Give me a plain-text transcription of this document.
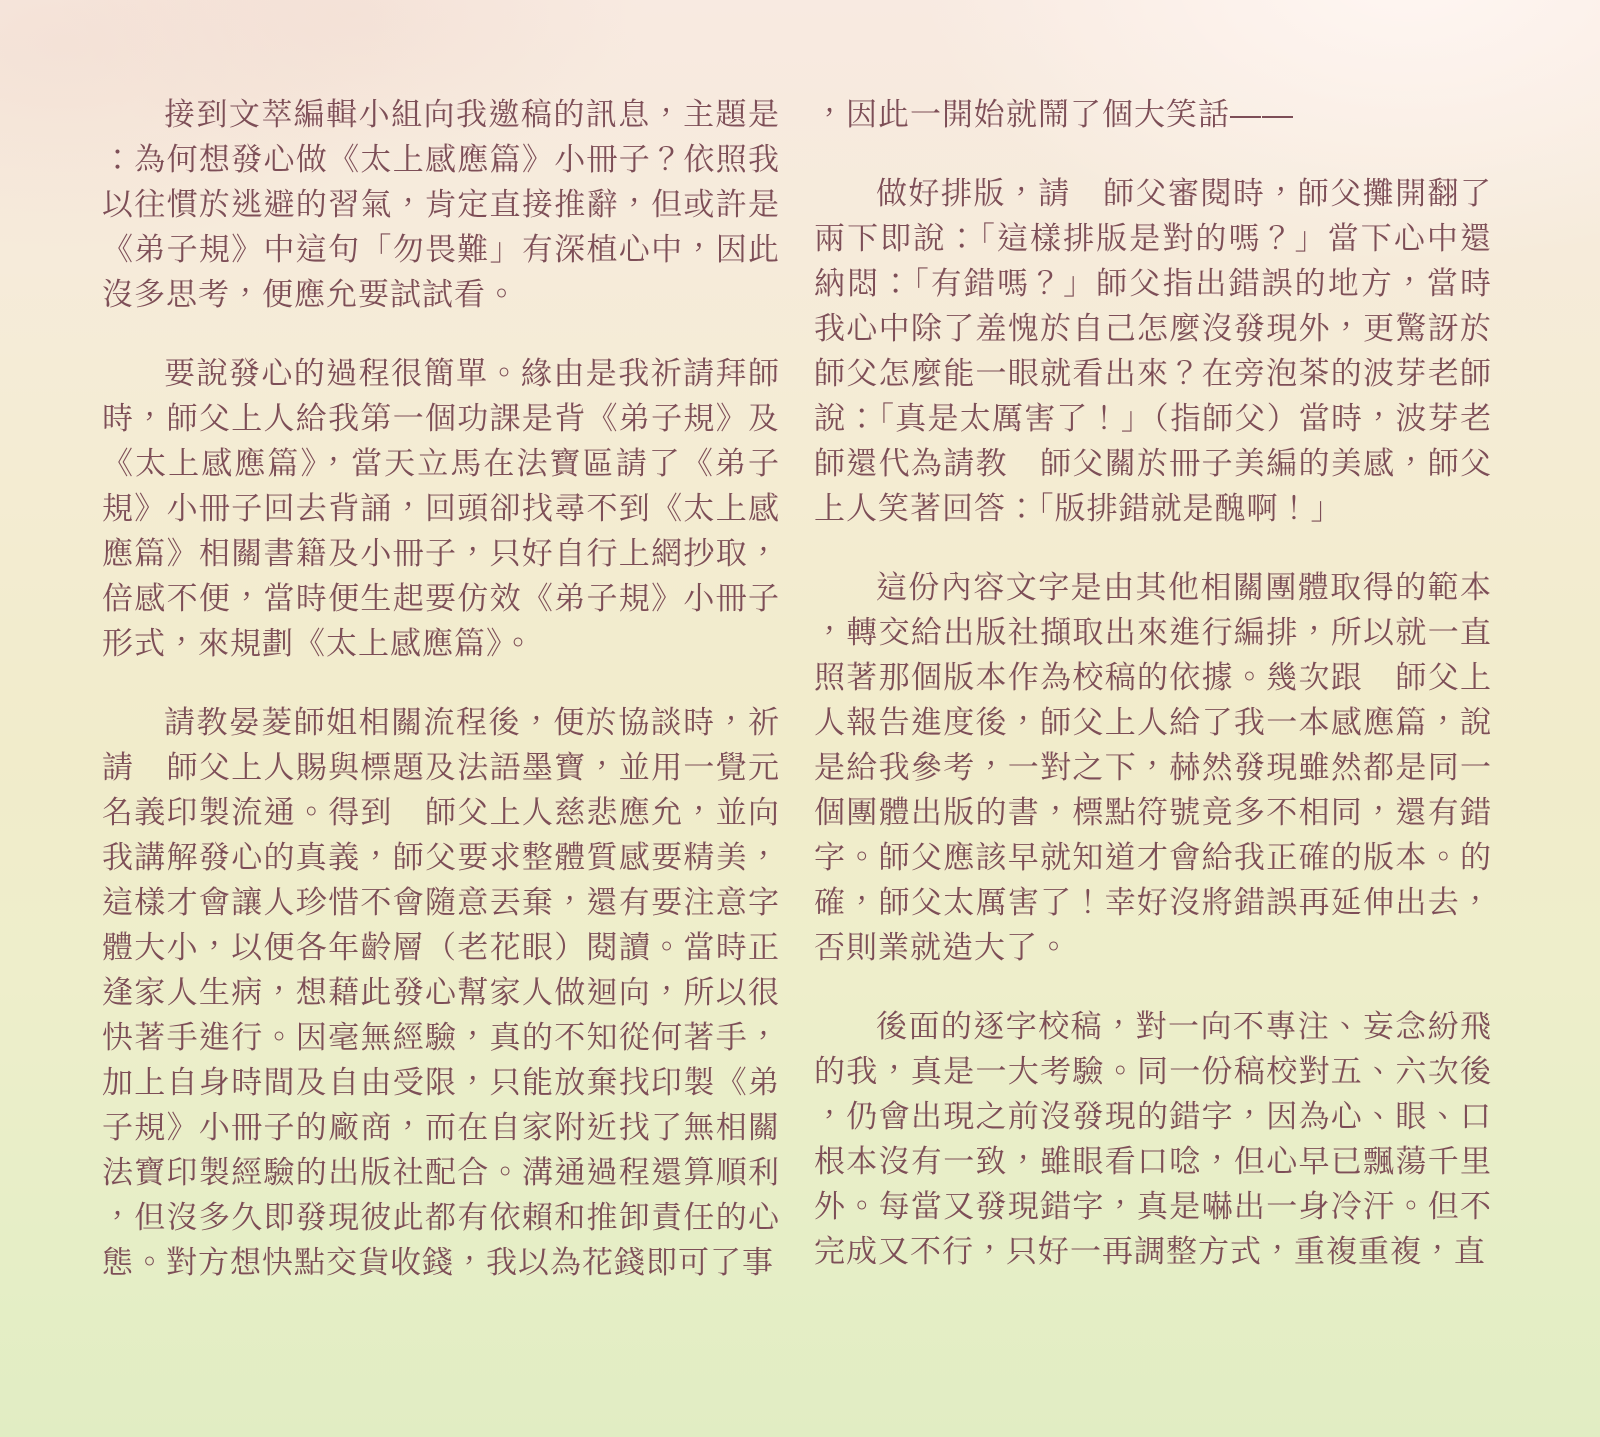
接到文萃編輯小組向我邀稿的訊息，主題是：為何想發心做《太上感應篇》小冊子？依照我以往慣於逃避的習氣，肯定直接推辭，但或許是《弟子規》中這句「勿畏難」有深植心中，因此沒多思考，便應允要試試看。

要說發心的過程很簡單。緣由是我祈請拜師時，師父上人給我第一個功課是背《弟子規》及《太上感應篇》，當天立馬在法寶區請了《弟子規》小冊子回去背誦，回頭卻找尋不到《太上感應篇》相關書籍及小冊子，只好自行上網抄取，倍感不便，當時便生起要仿效《弟子規》小冊子形式，來規劃《太上感應篇》。

請教晏菱師姐相關流程後，便於協談時，祈請　師父上人賜與標題及法語墨寶，並用一覺元名義印製流通。得到　師父上人慈悲應允，並向我講解發心的真義，師父要求整體質感要精美，這樣才會讓人珍惜不會隨意丟棄，還有要注意字體大小，以便各年齡層（老花眼）閱讀。當時正逢家人生病，想藉此發心幫家人做迴向，所以很快著手進行。因毫無經驗，真的不知從何著手，加上自身時間及自由受限，只能放棄找印製《弟子規》小冊子的廠商，而在自家附近找了無相關法寶印製經驗的出版社配合。溝通過程還算順利，但沒多久即發現彼此都有依賴和推卸責任的心態。對方想快點交貨收錢，我以為花錢即可了事

，因此一開始就鬧了個大笑話——

做好排版，請　師父審閱時，師父攤開翻了兩下即說：「這樣排版是對的嗎？」當下心中還納悶：「有錯嗎？」師父指出錯誤的地方，當時我心中除了羞愧於自己怎麼沒發現外，更驚訝於師父怎麼能一眼就看出來？在旁泡茶的波芽老師說：「真是太厲害了！」（指師父）當時，波芽老師還代為請教　師父關於冊子美編的美感，師父上人笑著回答：「版排錯就是醜啊！」

這份內容文字是由其他相關團體取得的範本，轉交給出版社擷取出來進行編排，所以就一直照著那個版本作為校稿的依據。幾次跟　師父上人報告進度後，師父上人給了我一本感應篇，說是給我參考，一對之下，赫然發現雖然都是同一個團體出版的書，標點符號竟多不相同，還有錯字。師父應該早就知道才會給我正確的版本。的確，師父太厲害了！幸好沒將錯誤再延伸出去，否則業就造大了。

後面的逐字校稿，對一向不專注、妄念紛飛的我，真是一大考驗。同一份稿校對五、六次後，仍會出現之前沒發現的錯字，因為心、眼、口根本沒有一致，雖眼看口唸，但心早已飄蕩千里外。每當又發現錯字，真是嚇出一身冷汗。但不完成又不行，只好一再調整方式，重複重複，直
